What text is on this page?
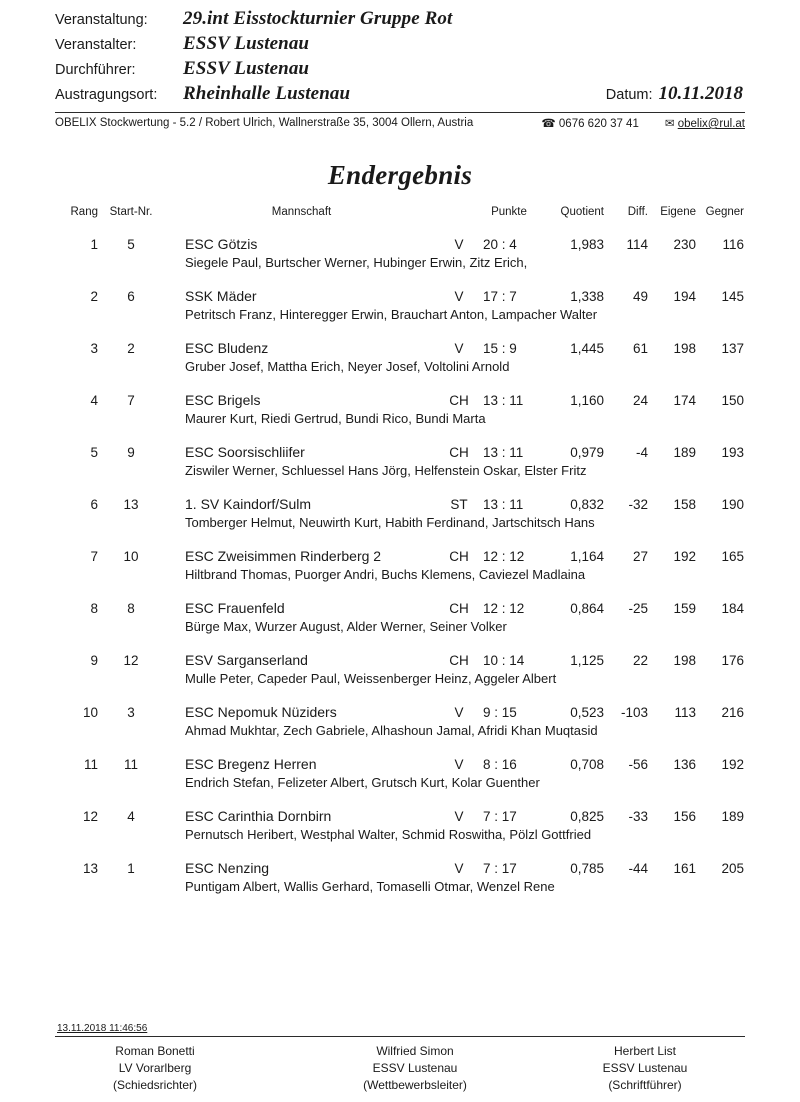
Veranstaltung:	29.int Eisstockturnier Gruppe Rot
Veranstalter:	ESSV Lustenau
Durchführer:	ESSV Lustenau
Austragungsort:	Rheinhalle Lustenau	Datum: 10.11.2018
OBELIX Stockwertung - 5.2 / Robert Ulrich, Wallnerstraße 35, 3004 Ollern, Austria	☎ 0676 620 37 41 ✉ obelix@rul.at
Endergebnis
Rang	Start-Nr.	Mannschaft		Punkte	Quotient	Diff.	Eigene	Gegner
1	5	ESC Götzis	V	20 : 4	1,983	114	230	116
		Siegele Paul, Burtscher Werner, Hubinger Erwin, Zitz Erich,						
2	6	SSK Mäder	V	17 : 7	1,338	49	194	145
		Petritsch Franz, Hinteregger Erwin, Brauchart Anton, Lampacher Walter						
3	2	ESC Bludenz	V	15 : 9	1,445	61	198	137
		Gruber Josef, Mattha Erich, Neyer Josef, Voltolini Arnold						
4	7	ESC Brigels	CH	13 : 11	1,160	24	174	150
		Maurer Kurt, Riedi Gertrud, Bundi Rico, Bundi Marta						
5	9	ESC Soorsischliifer	CH	13 : 11	0,979	-4	189	193
		Ziswiler Werner, Schluessel Hans Jörg, Helfenstein Oskar, Elster Fritz						
6	13	1. SV Kaindorf/Sulm	ST	13 : 11	0,832	-32	158	190
		Tomberger Helmut, Neuwirth Kurt, Habith Ferdinand, Jartschitsch Hans						
7	10	ESC Zweisimmen Rinderberg 2	CH	12 : 12	1,164	27	192	165
		Hiltbrand Thomas, Puorger Andri, Buchs Klemens, Caviezel Madlaina						
8	8	ESC Frauenfeld	CH	12 : 12	0,864	-25	159	184
		Bürge Max, Wurzer August, Alder Werner, Seiner Volker						
9	12	ESV Sarganserland	CH	10 : 14	1,125	22	198	176
		Mulle Peter, Capeder Paul, Weissenberger Heinz, Aggeler Albert						
10	3	ESC Nepomuk Nüziders	V	9 : 15	0,523	-103	113	216
		Ahmad Mukhtar, Zech Gabriele, Alhashoun Jamal, Afridi Khan Muqtasid						
11	11	ESC Bregenz Herren	V	8 : 16	0,708	-56	136	192
		Endrich Stefan, Felizeter Albert, Grutsch Kurt, Kolar Guenther						
12	4	ESC Carinthia Dornbirn	V	7 : 17	0,825	-33	156	189
		Pernutsch Heribert, Westphal Walter, Schmid Roswitha, Pölzl Gottfried						
13	1	ESC Nenzing	V	7 : 17	0,785	-44	161	205
		Puntigam Albert, Wallis Gerhard, Tomaselli Otmar, Wenzel Rene						
13.11.2018 11:46:56
Roman Bonetti
LV Vorarlberg
(Schiedsrichter)
Wilfried Simon
ESSV Lustenau
(Wettbewerbsleiter)
Herbert List
ESSV Lustenau
(Schriftführer)
